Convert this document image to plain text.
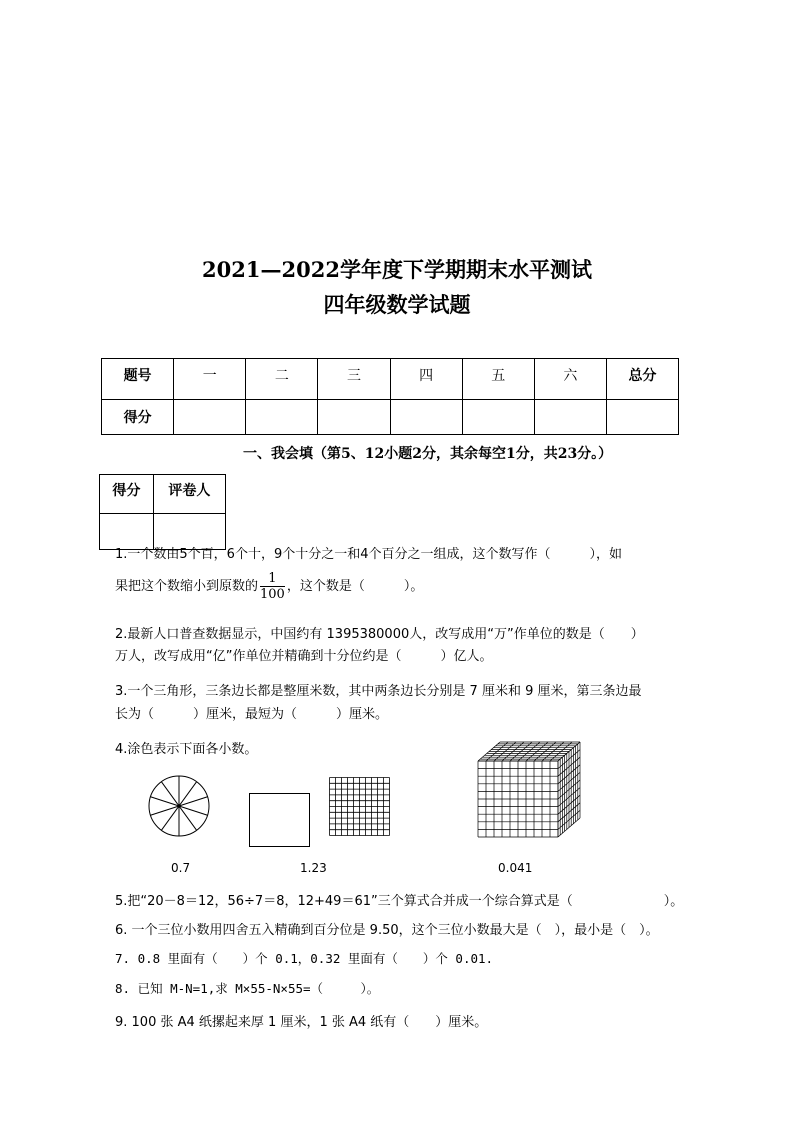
2021—2022学年度下学期期末水平测试
四年级数学试题
题号	一	二	三	四	五	六	总分
得分							
一、我会填（第5、12小题2分，其余每空1分，共23分。）
得分	评卷人

1.一个数由5个百，6个十，9个十分之一和4个百分之一组成，这个数写作（　　　），如
果把这个数缩小到原数的 $\frac{1}{100}$ ，这个数是（　　　）。
2.最新人口普查数据显示，中国约有 1395380000人，改写成用“万”作单位的数是（　　）
万人，改写成用“亿”作单位并精确到十分位约是（　　　）亿人。
3.一个三角形，三条边长都是整厘米数，其中两条边长分别是 7 厘米和 9 厘米，第三条边最
长为（　　　）厘米，最短为（　　　）厘米。
4.涂色表示下面各小数。
0.7	1.23	0.041
5.把“20－8＝12，56÷7＝8，12+49＝61”三个算式合并成一个综合算式是（　　　　　　　）。
6. 一个三位小数用四舍五入精确到百分位是 9.50，这个三位小数最大是（　），最小是（　）。
7. 0.8 里面有（　　）个 0.1，0.32 里面有（　　）个 0.01.
8. 已知 M-N=1,求 M×55-N×55=（　　　）。
9. 100 张 A4 纸摞起来厚 1 厘米，1 张 A4 纸有（　　）厘米。
